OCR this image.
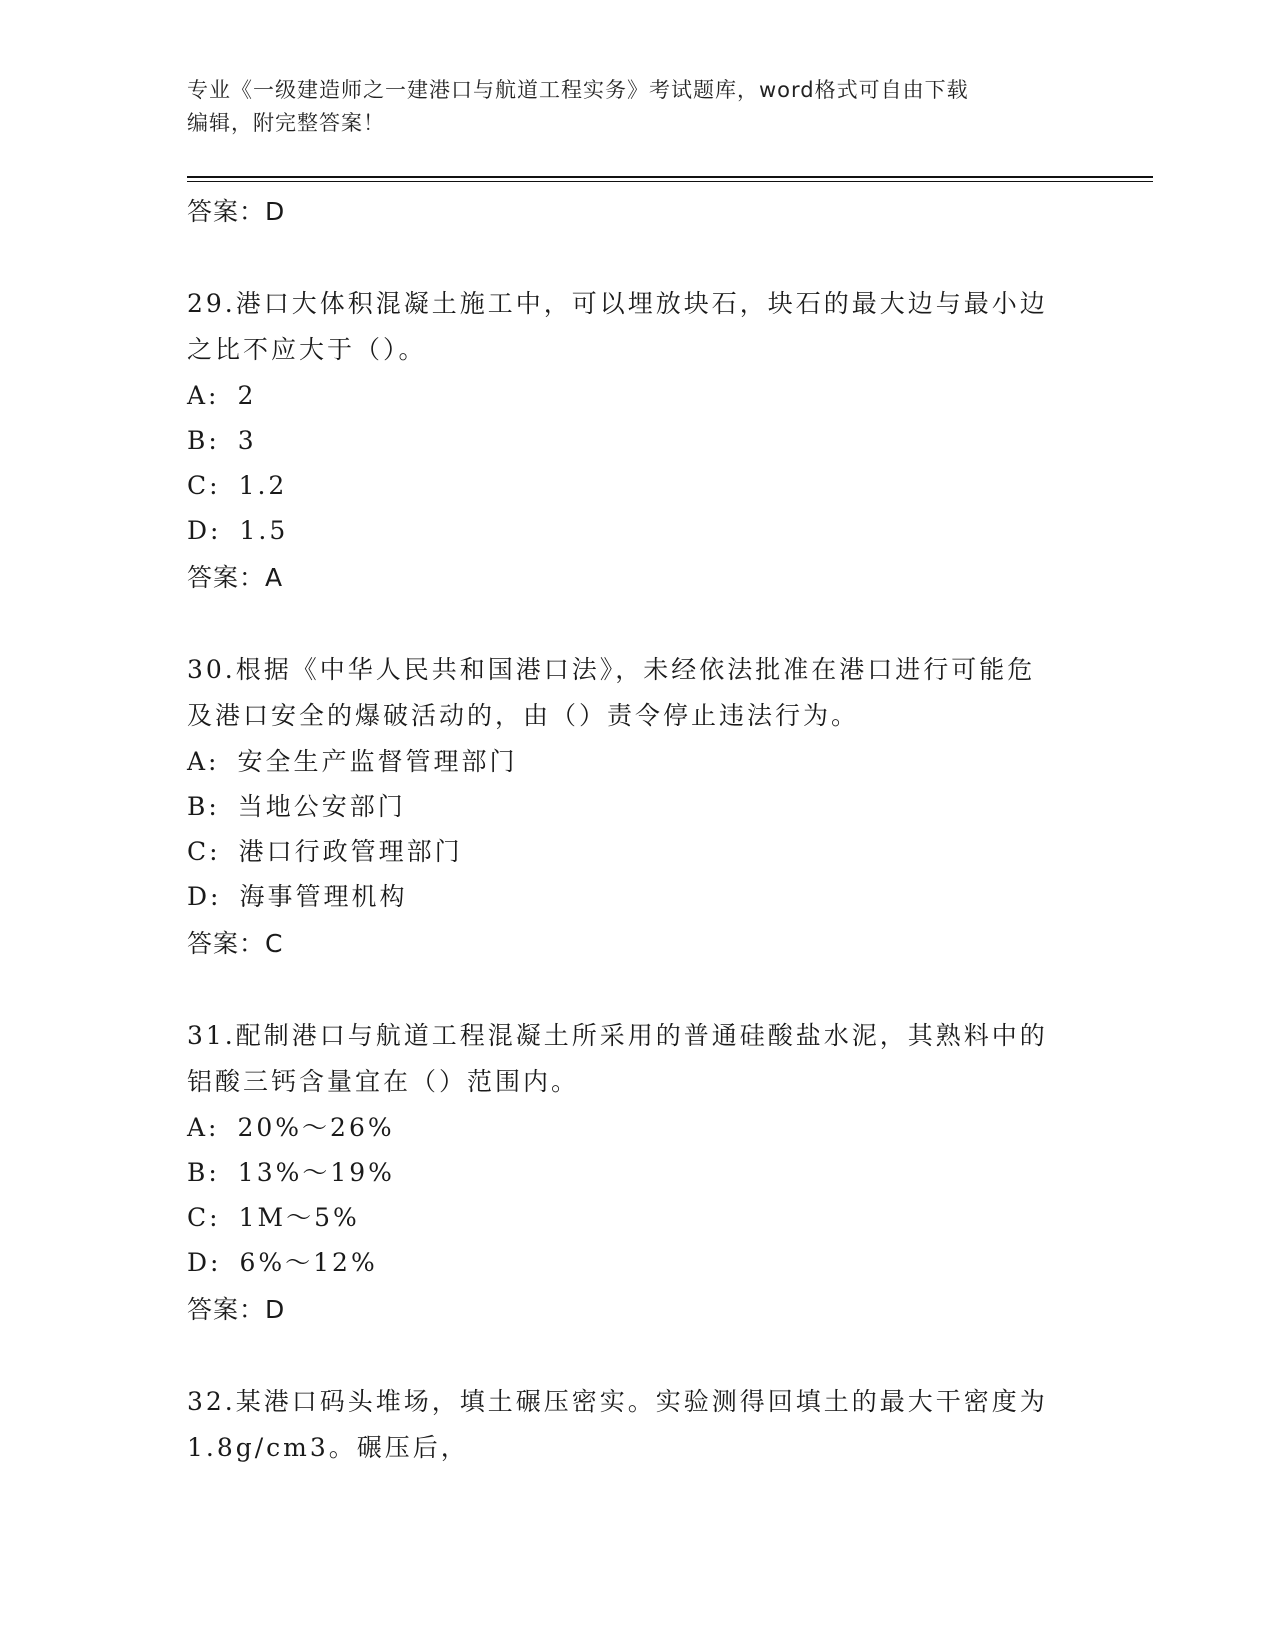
专业《一级建造师之一建港口与航道工程实务》考试题库，word格式可自由下载
编辑，附完整答案！
答案：D
29.港口大体积混凝土施工中，可以埋放块石，块石的最大边与最小边
之比不应大于（）。
A: 2
B: 3
C: 1.2
D: 1.5
答案：A
30.根据《中华人民共和国港口法》，未经依法批准在港口进行可能危
及港口安全的爆破活动的，由（）责令停止违法行为。
A: 安全生产监督管理部门
B: 当地公安部门
C: 港口行政管理部门
D: 海事管理机构
答案：C
31.配制港口与航道工程混凝土所采用的普通硅酸盐水泥，其熟料中的
铝酸三钙含量宜在（）范围内。
A: 20%～26%
B: 13%～19%
C: 1M～5%
D: 6%～12%
答案：D
32.某港口码头堆场，填土碾压密实。实验测得回填土的最大干密度为
1.8g/cm3。碾压后，
